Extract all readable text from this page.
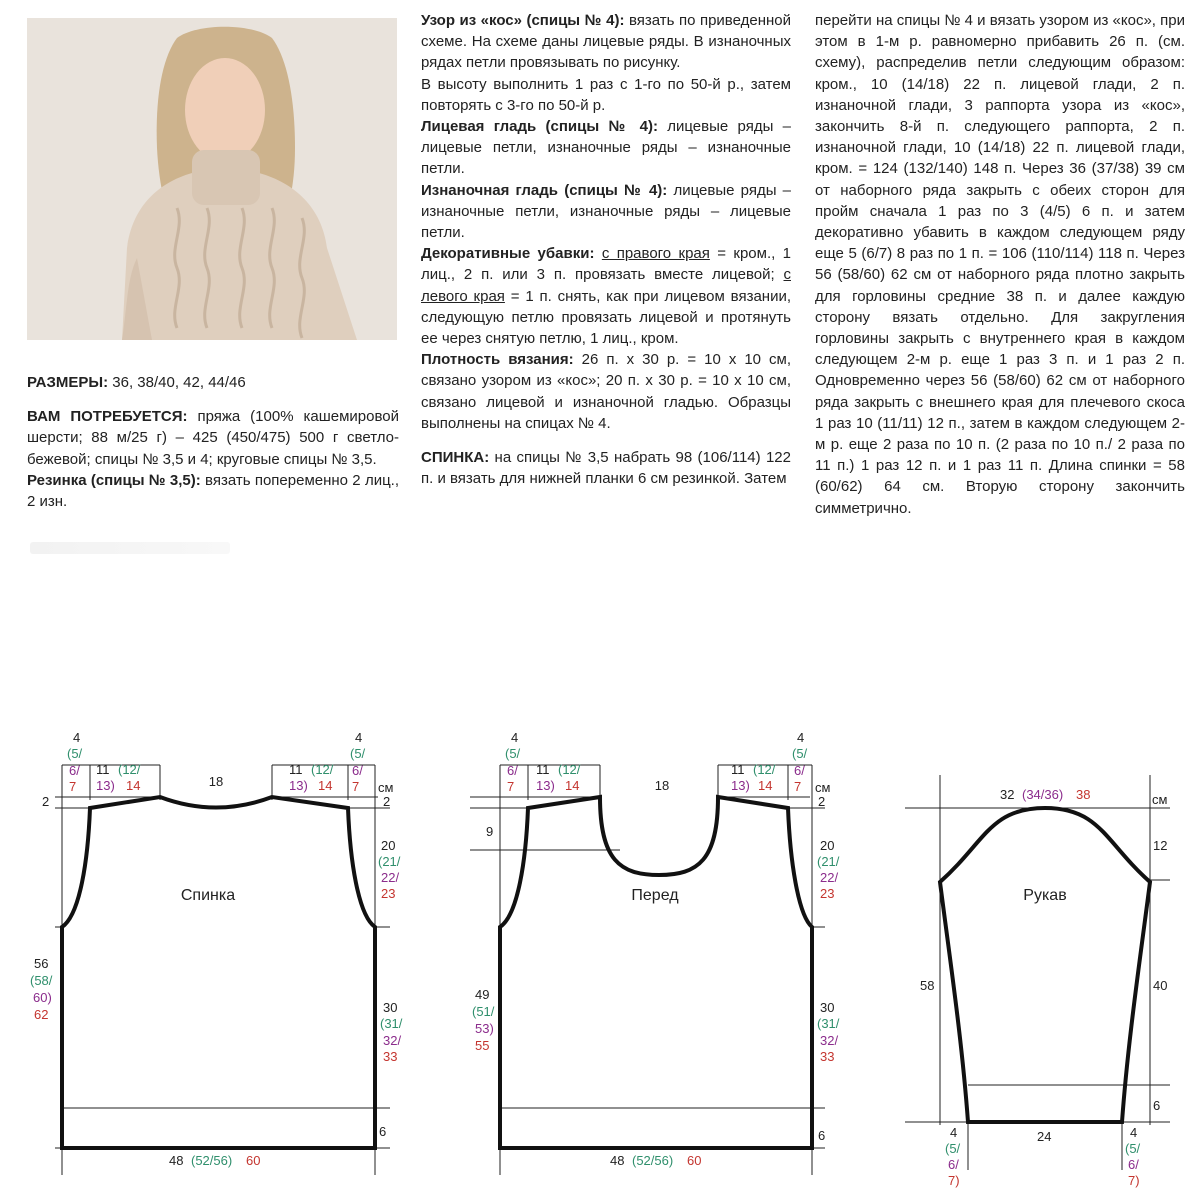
РАЗМЕРЫ: 36, 38/40, 42, 44/46

ВАМ ПОТРЕБУЕТСЯ: пряжа (100% кашемировой шерсти; 88 м/25 г) – 425 (450/475) 500 г светло-бежевой; спицы № 3,5 и 4; круговые спицы № 3,5.

Резинка (спицы № 3,5): вязать попеременно 2 лиц., 2 изн.

Узор из «кос» (спицы № 4): вязать по приведенной схеме. На схеме даны лицевые ряды. В изнаночных рядах петли провязывать по рисунку.

В высоту выполнить 1 раз с 1-го по 50-й р., затем повторять с 3-го по 50-й р.

Лицевая гладь (спицы № 4): лицевые ряды – лицевые петли, изнаночные ряды – изнаночные петли.

Изнаночная гладь (спицы № 4): лицевые ряды – изнаночные петли, изнаночные ряды – лицевые петли.

Декоративные убавки: с правого края = кром., 1 лиц., 2 п. или 3 п. провязать вместе лицевой; с левого края = 1 п. снять, как при лицевом вязании, следующую петлю провязать лицевой и протянуть ее через снятую петлю, 1 лиц., кром.

Плотность вязания: 26 п. x 30 р. = 10 x 10 см, связано узором из «кос»; 20 п. x 30 р. = 10 x 10 см, связано лицевой и изнаночной гладью. Образцы выполнены на спицах № 4.

СПИНКА: на спицы № 3,5 набрать 98 (106/114) 122 п. и вязать для нижней планки 6 см резинкой. Затем

перейти на спицы № 4 и вязать узором из «кос», при этом в 1-м р. равномерно прибавить 26 п. (см. схему), распределив петли следующим образом: кром., 10 (14/18) 22 п. лицевой глади, 2 п. изнаночной глади, 3 раппорта узора из «кос», закончить 8-й п. следующего раппорта, 2 п. изнаночной глади, 10 (14/18) 22 п. лицевой глади, кром. = 124 (132/140) 148 п. Через 36 (37/38) 39 см от наборного ряда закрыть с обеих сторон для пройм сначала 1 раз по 3 (4/5) 6 п. и затем декоративно убавить в каждом следующем ряду еще 5 (6/7) 8 раз по 1 п. = 106 (110/114) 118 п. Через 56 (58/60) 62 см от наборного ряда плотно закрыть для горловины средние 38 п. и далее каждую сторону вязать отдельно. Для закругления горловины закрыть с внутреннего края в каждом следующем 2-м р. еще 1 раз 3 п. и 1 раз 2 п. Одновременно через 56 (58/60) 62 см от наборного ряда закрыть с внешнего края для плечевого скоса 1 раз 10 (11/11) 12 п., затем в каждом следующем 2-м р. еще 2 раза по 10 п. (2 раза по 10 п./ 2 раза по 11 п.) 1 раз 12 п. и 1 раз 11 п. Длина спинки = 58 (60/62) 64 см. Вторую сторону закончить симметрично.

Спинка	Перед	Рукав
см	см
см
4
(5/
6/
7
11 (12/
13) 14	18
11 (12/
13) 14
4
(5/
6/
7
2	2
20
(21/
22/
23
30
(31/
32/
33
56
(58/
60)
62
6
48 (52/56) 60
4
(5/
6/
7
11 (12/
13) 14	18
11 (12/
13) 14
4
(5/
6/
7
2
9
20
(21/
22/
23
30
(31/
32/
33
49
(51/
53)
55
6
48 (52/56) 60
32 (34/36) 38
12
40
58
6
24
4
(5/
6/
7)
4
(5/
6/
7)
